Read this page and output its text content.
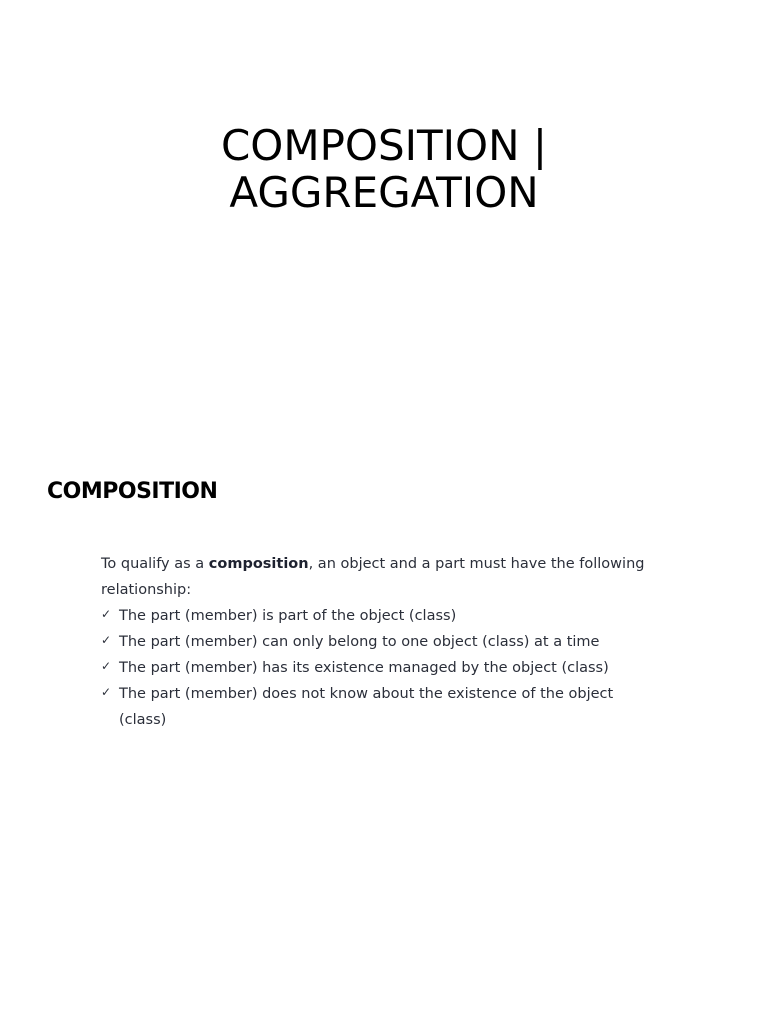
COMPOSITION |
AGGREGATION
COMPOSITION

To qualify as a composition, an object and a part must have the following relationship:

✓ The part (member) is part of the object (class)
✓ The part (member) can only belong to one object (class) at a time
✓ The part (member) has its existence managed by the object (class)
✓ The part (member) does not know about the existence of the object (class)
